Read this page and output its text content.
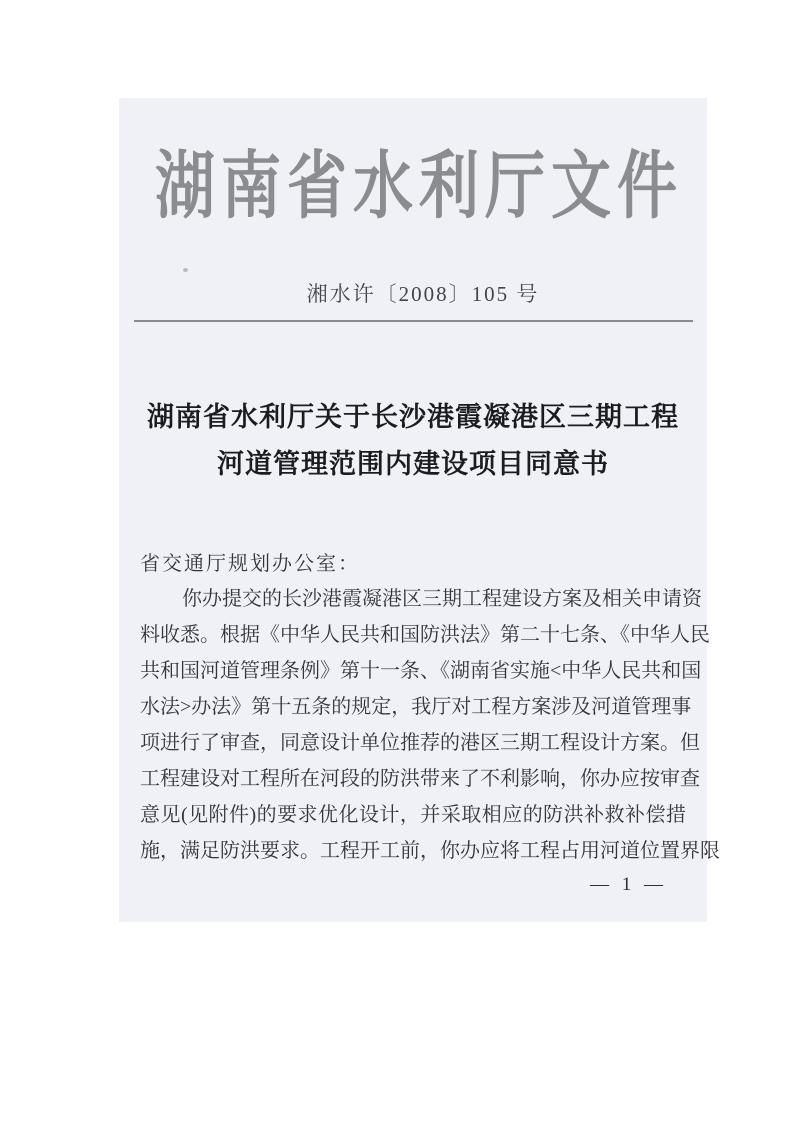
湖南省水利厅文件
湘水许〔2008〕105 号
湖南省水利厅关于长沙港霞凝港区三期工程
河道管理范围内建设项目同意书
省交通厅规划办公室：
你办提交的长沙港霞凝港区三期工程建设方案及相关申请资
料收悉。根据《中华人民共和国防洪法》第二十七条、《中华人民
共和国河道管理条例》第十一条、《湖南省实施<中华人民共和国
水法>办法》第十五条的规定，我厅对工程方案涉及河道管理事
项进行了审查，同意设计单位推荐的港区三期工程设计方案。但
工程建设对工程所在河段的防洪带来了不利影响，你办应按审查
意见(见附件)的要求优化设计，并采取相应的防洪补救补偿措
施，满足防洪要求。工程开工前，你办应将工程占用河道位置界限
— 1 —
